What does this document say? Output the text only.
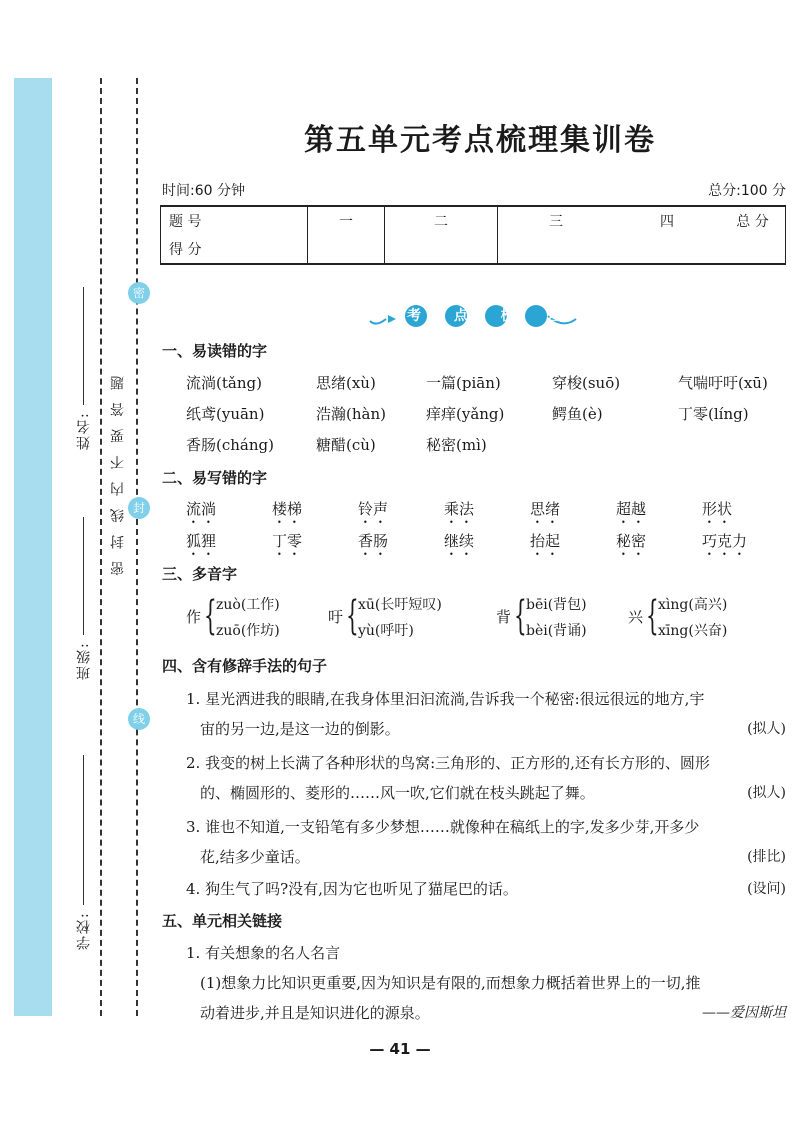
姓名:
班级:
学校:
密
封
线
密 封 线 内 不 要 答 题
第五单元考点梳理集训卷
时间:60 分钟	总分:100 分
题 号	一	二	三	四	总 分
得 分					
考 点 梳 理
一、易读错的字
流淌(tǎng)	思绪(xù)	一篇(piān)	穿梭(suō)	气喘吁吁(xū)
纸鸢(yuān)	浩瀚(hàn)	痒痒(yǎng)	鳄鱼(è)	丁零(líng)
香肠(cháng)	糖醋(cù)	秘密(mì)
二、易写错的字
流淌	楼梯	铃声	乘法	思绪	超越	形状
狐狸	丁零	香肠	继续	抬起	秘密	巧克力
三、多音字
作 { zuò(工作)
zuō(作坊)
吁 { xū(长吁短叹)
yù(呼吁)
背 { bēi(背包)
bèi(背诵)
兴 { xìng(高兴)
xīng(兴奋)
四、含有修辞手法的句子
1. 星光洒进我的眼睛,在我身体里汩汩流淌,告诉我一个秘密:很远很远的地方,宇
宙的另一边,是这一边的倒影。	(拟人)
2. 我变的树上长满了各种形状的鸟窝:三角形的、正方形的,还有长方形的、圆形
的、椭圆形的、菱形的……风一吹,它们就在枝头跳起了舞。	(拟人)
3. 谁也不知道,一支铅笔有多少梦想……就像种在稿纸上的字,发多少芽,开多少
花,结多少童话。	(排比)
4. 狗生气了吗?没有,因为它也听见了猫尾巴的话。	(设问)
五、单元相关链接
1. 有关想象的名人名言
(1)想象力比知识更重要,因为知识是有限的,而想象力概括着世界上的一切,推
动着进步,并且是知识进化的源泉。	——爱因斯坦
— 41 —
